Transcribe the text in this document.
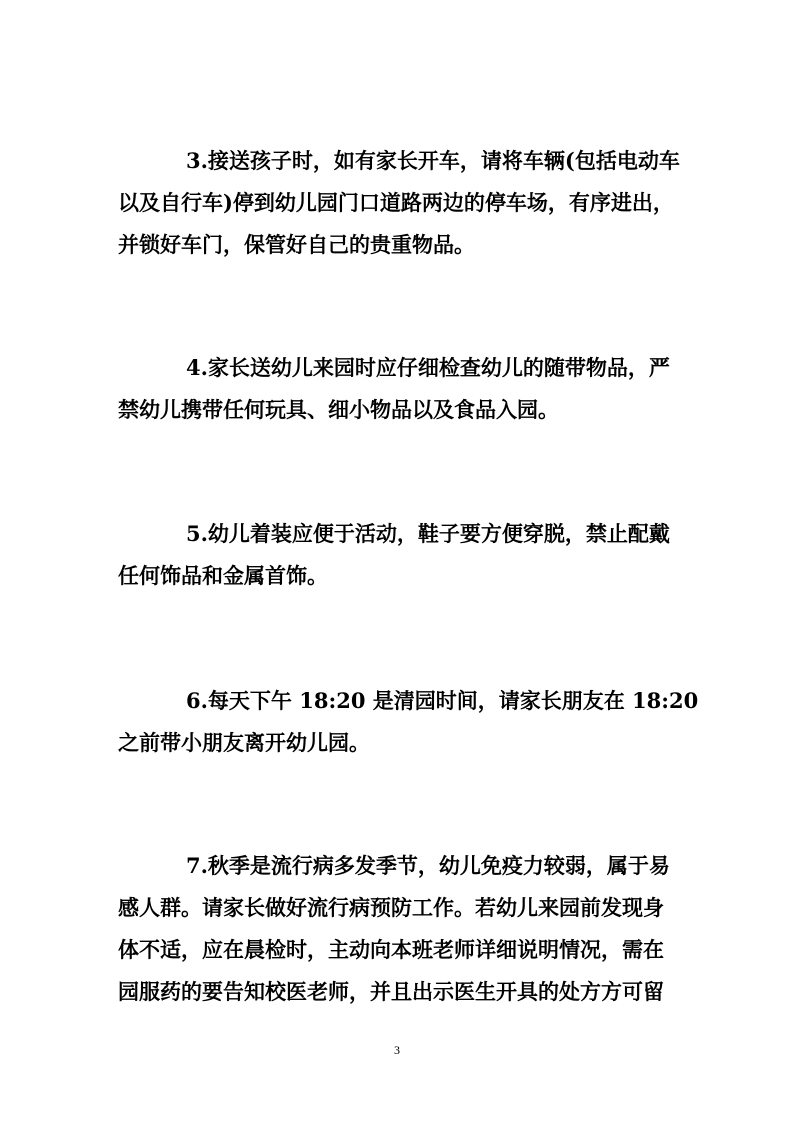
3.接送孩子时，如有家长开车，请将车辆(包括电动车
以及自行车)停到幼儿园门口道路两边的停车场，有序进出，
并锁好车门，保管好自己的贵重物品。

4.家长送幼儿来园时应仔细检查幼儿的随带物品，严
禁幼儿携带任何玩具、细小物品以及食品入园。

5.幼儿着装应便于活动，鞋子要方便穿脱，禁止配戴
任何饰品和金属首饰。

6.每天下午 18:20 是清园时间，请家长朋友在 18:20
之前带小朋友离开幼儿园。

7.秋季是流行病多发季节，幼儿免疫力较弱，属于易
感人群。请家长做好流行病预防工作。若幼儿来园前发现身
体不适，应在晨检时，主动向本班老师详细说明情况，需在
园服药的要告知校医老师，并且出示医生开具的处方方可留

3
